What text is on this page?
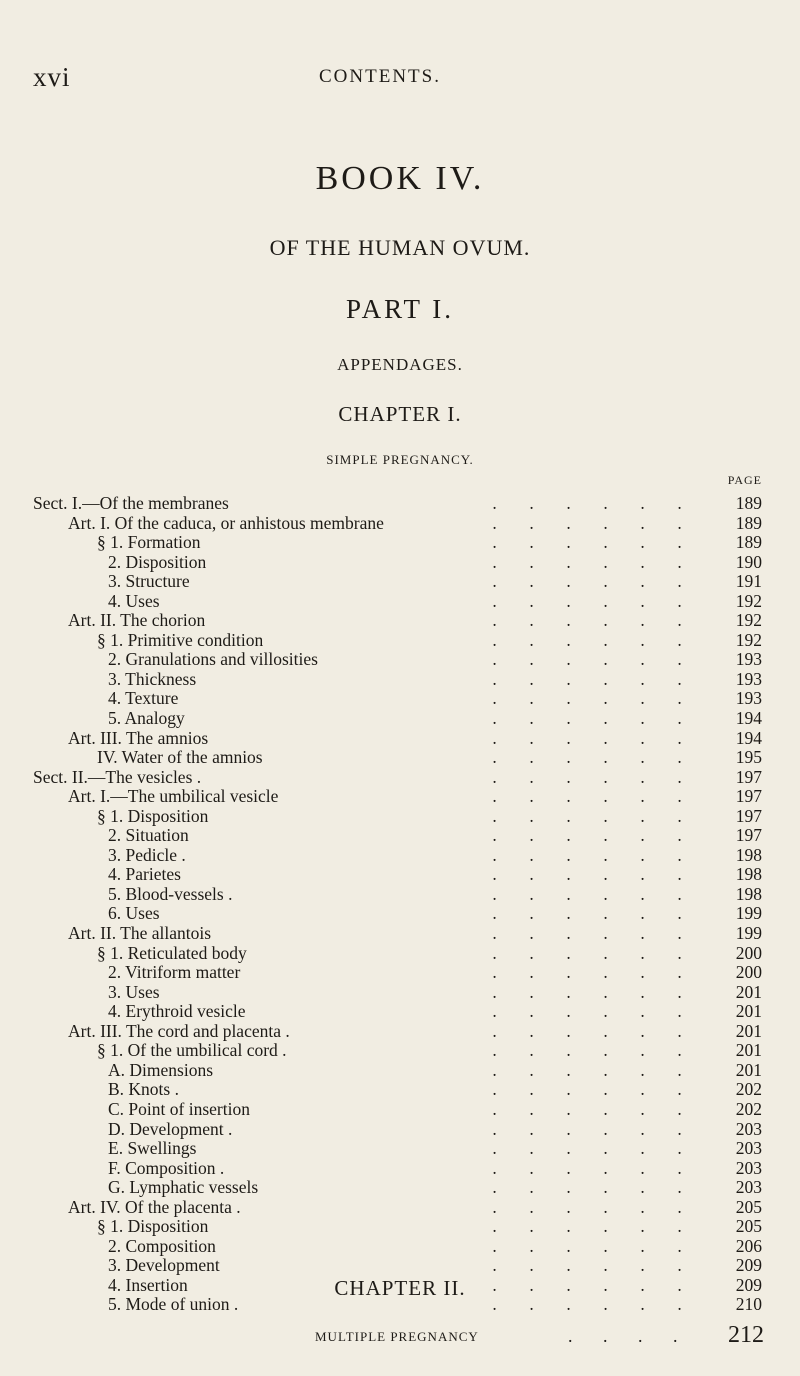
xvi	CONTENTS.
BOOK IV.
OF THE HUMAN OVUM.
PART I.
APPENDAGES.
CHAPTER I.
SIMPLE PREGNANCY.
PAGE
Sect. I.—Of the membranes	. . . . . .	189
Art. I. Of the caduca, or anhistous membrane	. . . . . .	189
§ 1. Formation	. . . . . .	189
2. Disposition	. . . . . .	190
3. Structure	. . . . . .	191
4. Uses	. . . . . .	192
Art. II. The chorion	. . . . . .	192
§ 1. Primitive condition	. . . . . .	192
2. Granulations and villosities	. . . . . .	193
3. Thickness	. . . . . .	193
4. Texture	. . . . . .	193
5. Analogy	. . . . . .	194
Art. III. The amnios	. . . . . .	194
IV. Water of the amnios	. . . . . .	195
Sect. II.—The vesicles .	. . . . . .	197
Art. I.—The umbilical vesicle	. . . . . .	197
§ 1. Disposition	. . . . . .	197
2. Situation	. . . . . .	197
3. Pedicle .	. . . . . .	198
4. Parietes	. . . . . .	198
5. Blood-vessels .	. . . . . .	198
6. Uses	. . . . . .	199
Art. II. The allantois	. . . . . .	199
§ 1. Reticulated body	. . . . . .	200
2. Vitriform matter	. . . . . .	200
3. Uses	. . . . . .	201
4. Erythroid vesicle	. . . . . .	201
Art. III. The cord and placenta .	. . . . . .	201
§ 1. Of the umbilical cord .	. . . . . .	201
A. Dimensions	. . . . . .	201
B. Knots .	. . . . . .	202
C. Point of insertion	. . . . . .	202
D. Development .	. . . . . .	203
E. Swellings	. . . . . .	203
F. Composition .	. . . . . .	203
G. Lymphatic vessels	. . . . . .	203
Art. IV. Of the placenta .	. . . . . .	205
§ 1. Disposition	. . . . . .	205
2. Composition	. . . . . .	206
3. Development	. . . . . .	209
4. Insertion	. . . . . .	209
5. Mode of union .	. . . . . .	210
CHAPTER II.
MULTIPLE PREGNANCY	. . . . 212
